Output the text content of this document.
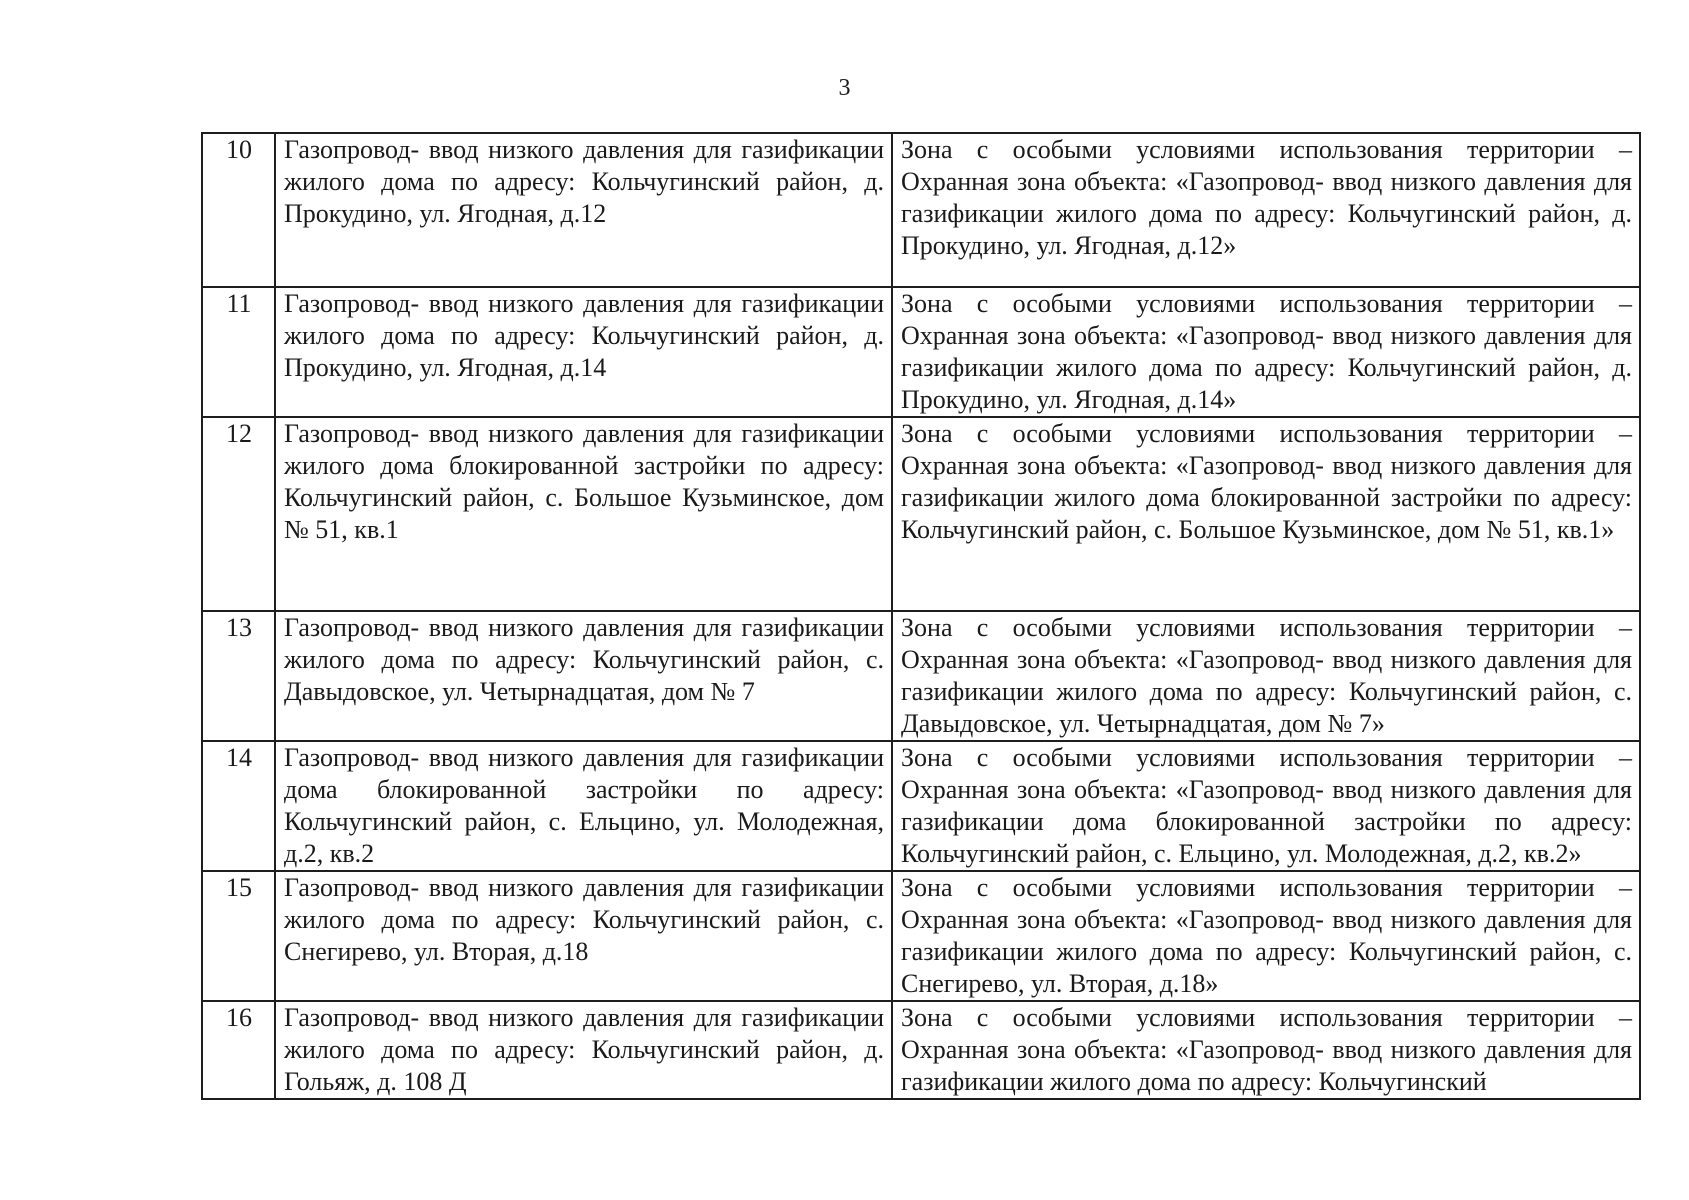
3
10	Газопровод- ввод низкого давления для газификации жилого дома по адресу: Кольчугинский район, д. Прокудино, ул. Ягодная, д.12	Зона с особыми условиями использования территории – Охранная зона объекта: «Газопровод- ввод низкого давления для газификации жилого дома по адресу: Кольчугинский район, д. Прокудино, ул. Ягодная, д.12»
11	Газопровод- ввод низкого давления для газификации жилого дома по адресу: Кольчугинский район, д. Прокудино, ул. Ягодная, д.14	Зона с особыми условиями использования территории – Охранная зона объекта: «Газопровод- ввод низкого давления для газификации жилого дома по адресу: Кольчугинский район, д. Прокудино, ул. Ягодная, д.14»
12	Газопровод- ввод низкого давления для газификации жилого дома блокированной застройки по адресу: Кольчугинский район, с. Большое Кузьминское, дом № 51, кв.1	Зона с особыми условиями использования территории – Охранная зона объекта: «Газопровод- ввод низкого давления для газификации жилого дома блокированной застройки по адресу: Кольчугинский район, с. Большое Кузьминское, дом № 51, кв.1»
13	Газопровод- ввод низкого давления для газификации жилого дома по адресу: Кольчугинский район, с. Давыдовское, ул. Четырнадцатая, дом № 7	Зона с особыми условиями использования территории – Охранная зона объекта: «Газопровод- ввод низкого давления для газификации жилого дома по адресу: Кольчугинский район, с. Давыдовское, ул. Четырнадцатая, дом № 7»
14	Газопровод- ввод низкого давления для газификации дома блокированной застройки по адресу: Кольчугинский район, с. Ельцино, ул. Молодежная, д.2, кв.2	Зона с особыми условиями использования территории – Охранная зона объекта: «Газопровод- ввод низкого давления для газификации дома блокированной застройки по адресу: Кольчугинский район, с. Ельцино, ул. Молодежная, д.2, кв.2»
15	Газопровод- ввод низкого давления для газификации жилого дома по адресу: Кольчугинский район, с. Снегирево, ул. Вторая, д.18	Зона с особыми условиями использования территории – Охранная зона объекта: «Газопровод- ввод низкого давления для газификации жилого дома по адресу: Кольчугинский район, с. Снегирево, ул. Вторая, д.18»
16	Газопровод- ввод низкого давления для газификации жилого дома по адресу: Кольчугинский район, д. Гольяж, д. 108 Д	Зона с особыми условиями использования территории – Охранная зона объекта: «Газопровод- ввод низкого давления для газификации жилого дома по адресу: Кольчугинский
